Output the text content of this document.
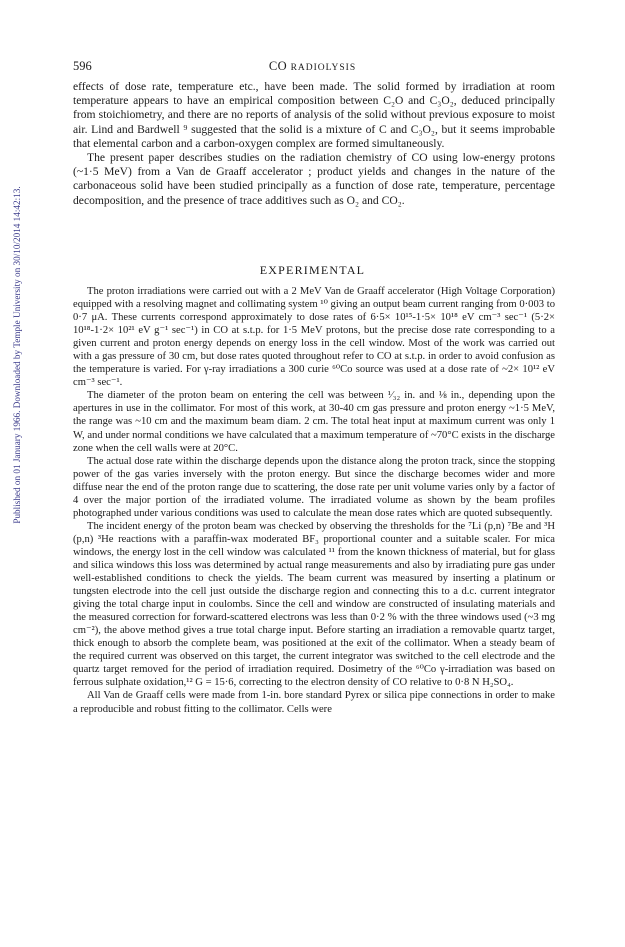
596	CO RADIOLYSIS
Published on 01 January 1966. Downloaded by Temple University on 30/10/2014 14:42:13.

effects of dose rate, temperature etc., have been made. The solid formed by irradiation at room temperature appears to have an empirical composition between C₂O and C₃O₂, deduced principally from stoichiometry, and there are no reports of analysis of the solid without previous exposure to moist air. Lind and Bardwell ⁹ suggested that the solid is a mixture of C and C₃O₂, but it seems improbable that elemental carbon and a carbon-oxygen complex are formed simultaneously.

The present paper describes studies on the radiation chemistry of CO using low-energy protons (~1·5 MeV) from a Van de Graaff accelerator ; product yields and changes in the nature of the carbonaceous solid have been studied principally as a function of dose rate, temperature, percentage decomposition, and the presence of trace additives such as O₂ and CO₂.

EXPERIMENTAL

The proton irradiations were carried out with a 2 MeV Van de Graaff accelerator (High Voltage Corporation) equipped with a resolving magnet and collimating system ¹⁰ giving an output beam current ranging from 0·003 to 0·7 μA. These currents correspond approximately to dose rates of 6·5× 10¹⁵-1·5× 10¹⁸ eV cm⁻³ sec⁻¹ (5·2× 10¹⁸-1·2× 10²¹ eV g⁻¹ sec⁻¹) in CO at s.t.p. for 1·5 MeV protons, but the precise dose rate corresponding to a given current and proton energy depends on energy loss in the cell window. Most of the work was carried out with a gas pressure of 30 cm, but dose rates quoted throughout refer to CO at s.t.p. in order to avoid confusion as the temperature is varied. For γ-ray irradiations a 300 curie ⁶⁰Co source was used at a dose rate of ~2× 10¹² eV cm⁻³ sec⁻¹.

The diameter of the proton beam on entering the cell was between ¹⁄₃₂ in. and ⅛ in., depending upon the apertures in use in the collimator. For most of this work, at 30-40 cm gas pressure and proton energy ~1·5 MeV, the range was ~10 cm and the maximum beam diam. 2 cm. The total heat input at maximum current was only 1 W, and under normal conditions we have calculated that a maximum temperature of ~70°C exists in the discharge zone when the cell walls were at 20°C.

The actual dose rate within the discharge depends upon the distance along the proton track, since the stopping power of the gas varies inversely with the proton energy. But since the discharge becomes wider and more diffuse near the end of the proton range due to scattering, the dose rate per unit volume varies only by a factor of 4 over the major portion of the irradiated volume. The irradiated volume as shown by the beam profiles photographed under various conditions was used to calculate the mean dose rates which are quoted subsequently.

The incident energy of the proton beam was checked by observing the thresholds for the ⁷Li (p,n) ⁷Be and ³H (p,n) ³He reactions with a paraffin-wax moderated BF₃ proportional counter and a suitable scaler. For mica windows, the energy lost in the cell window was calculated ¹¹ from the known thickness of material, but for glass and silica windows this loss was determined by actual range measurements and also by irradiating pure gas under well-established conditions to check the yields. The beam current was measured by inserting a platinum or tungsten electrode into the cell just outside the discharge region and connecting this to a d.c. current integrator giving the total charge input in coulombs. Since the cell and window are constructed of insulating materials and the measured correction for forward-scattered electrons was less than 0·2 % with the three windows used (~3 mg cm⁻²), the above method gives a true total charge input. Before starting an irradiation a removable quartz target, thick enough to absorb the complete beam, was positioned at the exit of the collimator. When a steady beam of the required current was observed on this target, the current integrator was switched to the cell electrode and the quartz target removed for the period of irradiation required. Dosimetry of the ⁶⁰Co γ-irradiation was based on ferrous sulphate oxidation,¹² G = 15·6, correcting to the electron density of CO relative to 0·8 N H₂SO₄.

All Van de Graaff cells were made from 1-in. bore standard Pyrex or silica pipe connections in order to make a reproducible and robust fitting to the collimator. Cells were
